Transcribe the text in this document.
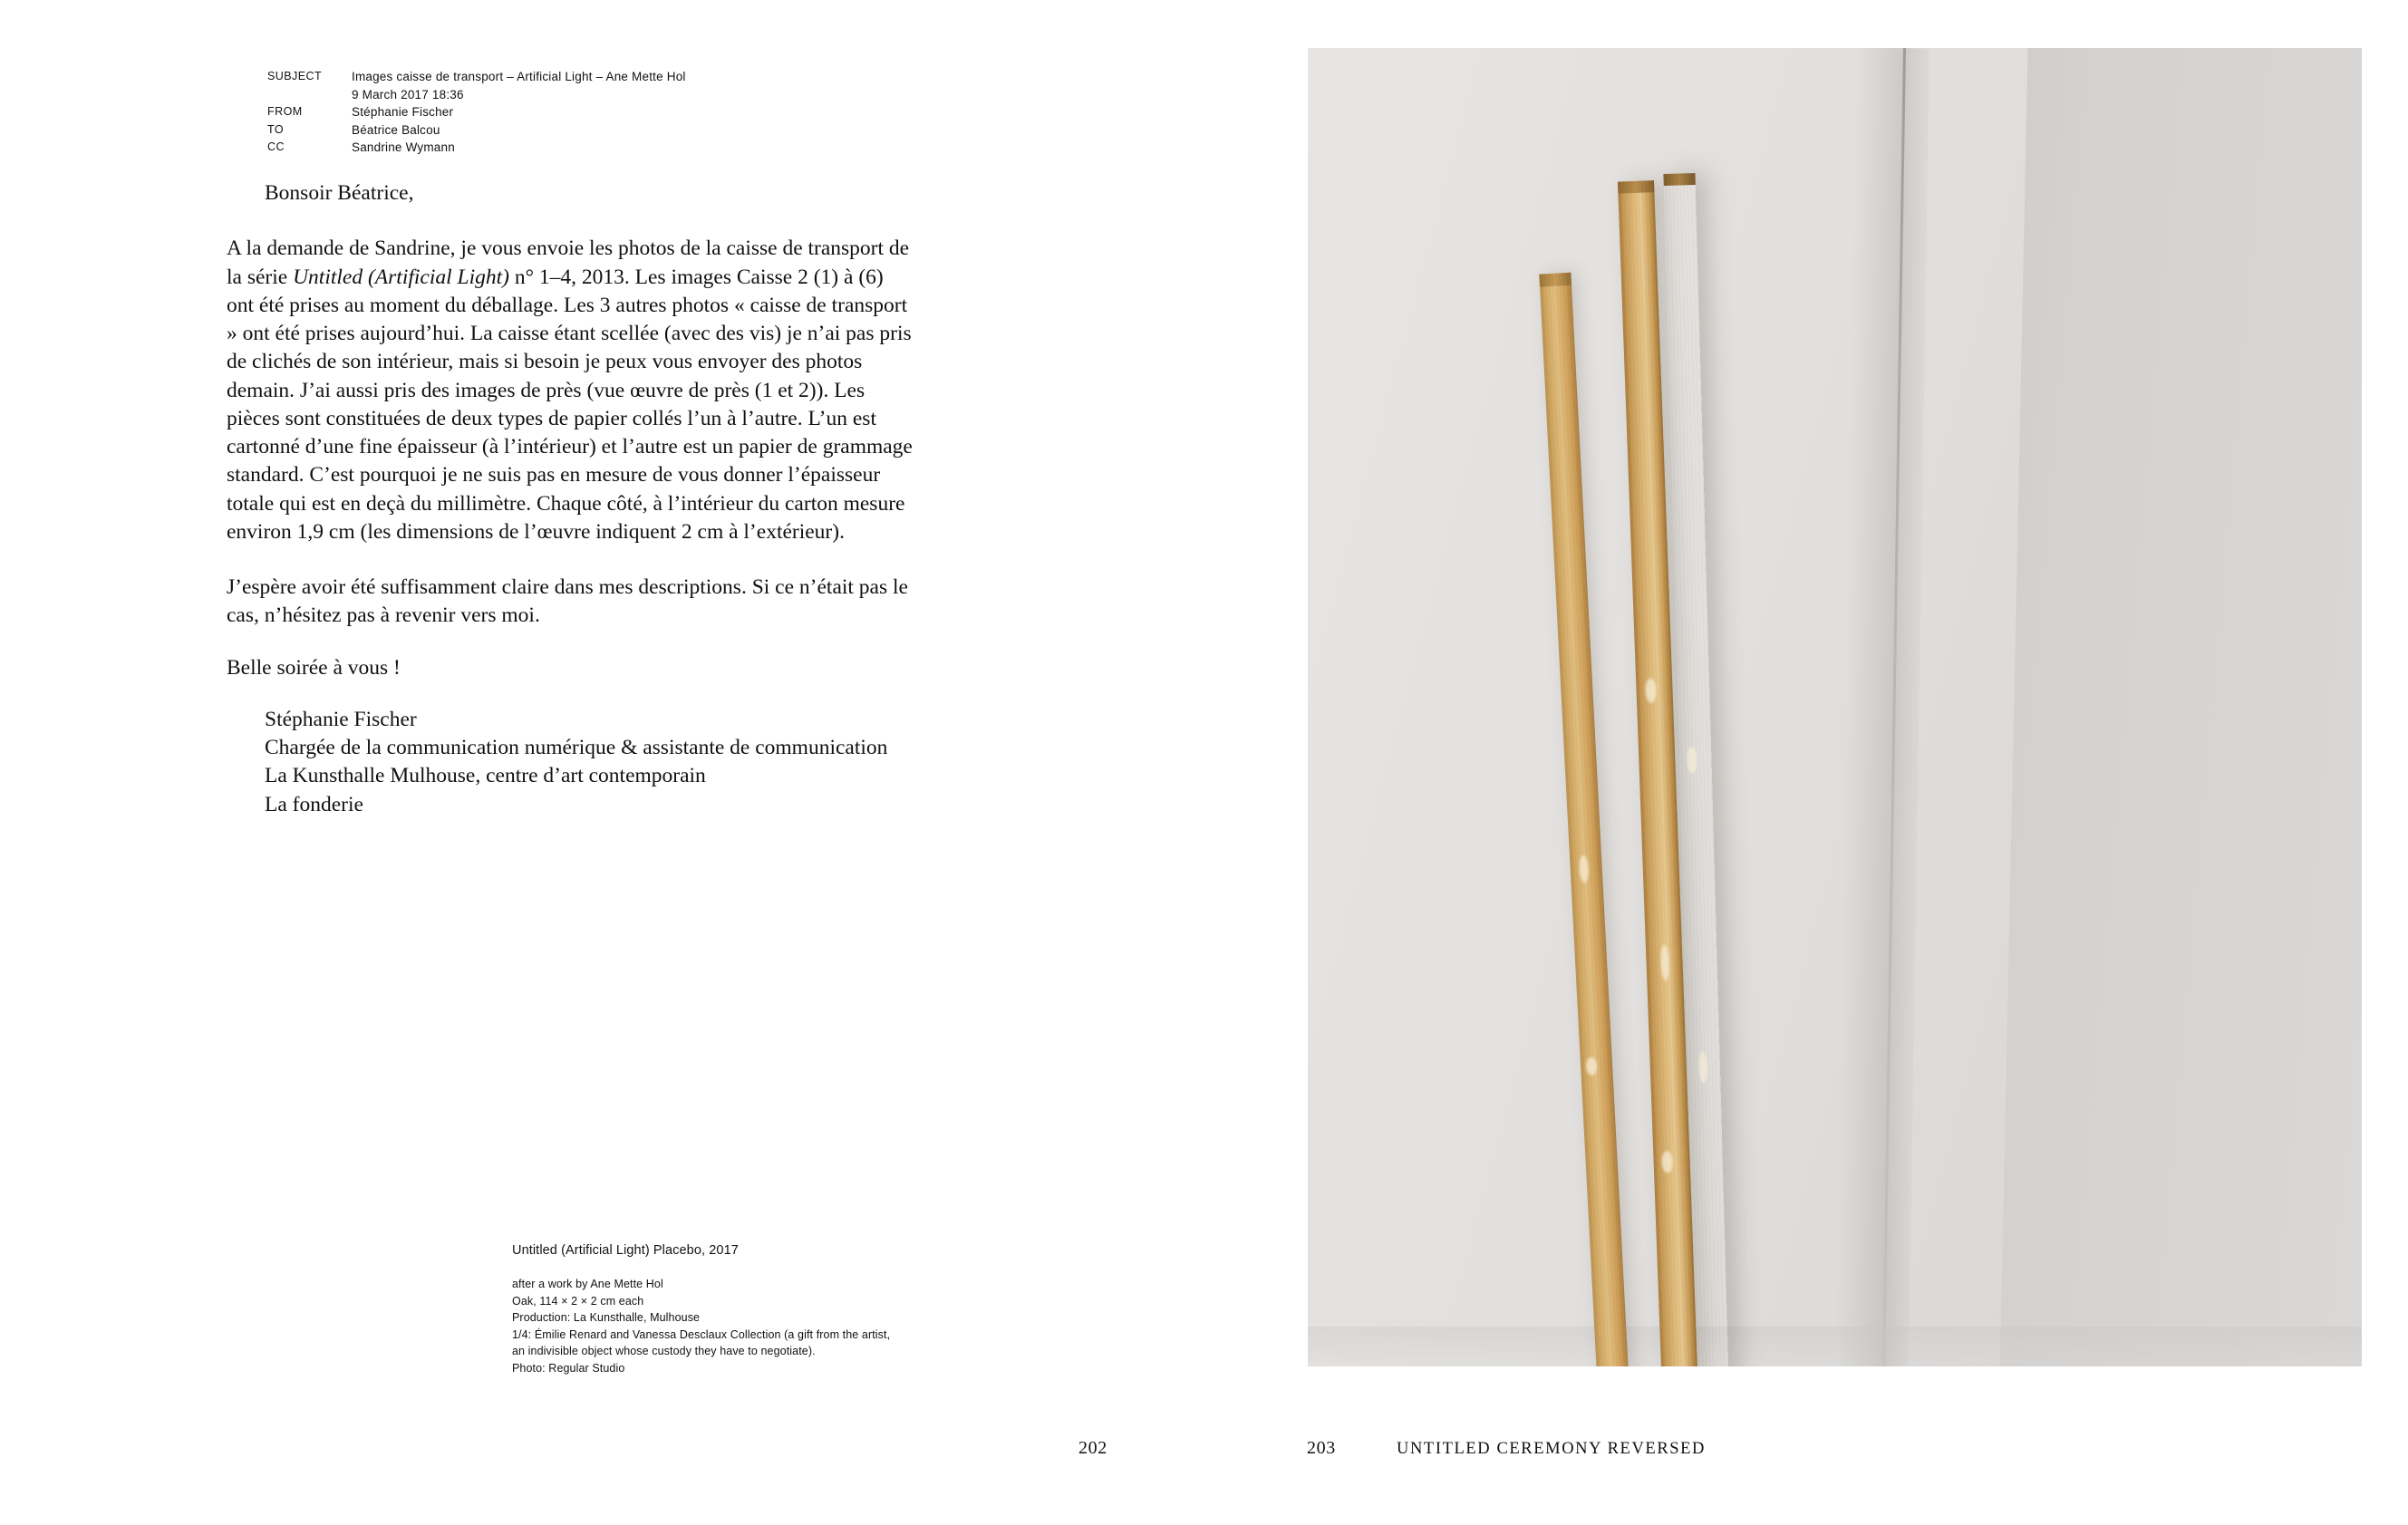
SUBJECT	Images caisse de transport – Artificial Light – Ane Mette Hol
9 March 2017 18:36
FROM	Stéphanie Fischer
TO	Béatrice Balcou
CC	Sandrine Wymann

Bonsoir Béatrice,

A la demande de Sandrine, je vous envoie les photos de la caisse de transport de la série Untitled (Artificial Light) n° 1–4, 2013. Les images Caisse 2 (1) à (6) ont été prises au moment du déballage. Les 3 autres photos « caisse de transport » ont été prises aujourd’hui. La caisse étant scellée (avec des vis) je n’ai pas pris de clichés de son intérieur, mais si besoin je peux vous envoyer des photos demain. J’ai aussi pris des images de près (vue œuvre de près (1 et 2)). Les pièces sont constituées de deux types de papier collés l’un à l’autre. L’un est cartonné d’une fine épaisseur (à l’intérieur) et l’autre est un papier de grammage standard. C’est pourquoi je ne suis pas en mesure de vous donner l’épaisseur totale qui est en deçà du millimètre. Chaque côté, à l’intérieur du carton mesure environ 1,9 cm (les dimensions de l’œuvre indiquent 2 cm à l’extérieur).

J’espère avoir été suffisamment claire dans mes descriptions. Si ce n’était pas le cas, n’hésitez pas à revenir vers moi.

Belle soirée à vous !

Stéphanie Fischer
Chargée de la communication numérique & assistante de communication
La Kunsthalle Mulhouse, centre d’art contemporain
La fonderie
Untitled (Artificial Light) Placebo, 2017
after a work by Ane Mette Hol
Oak, 114 × 2 × 2 cm each
Production: La Kunsthalle, Mulhouse
1/4: Émilie Renard and Vanessa Desclaux Collection (a gift from the artist,
an indivisible object whose custody they have to negotiate).
Photo: Regular Studio
202	203	UNTITLED CEREMONY REVERSED
